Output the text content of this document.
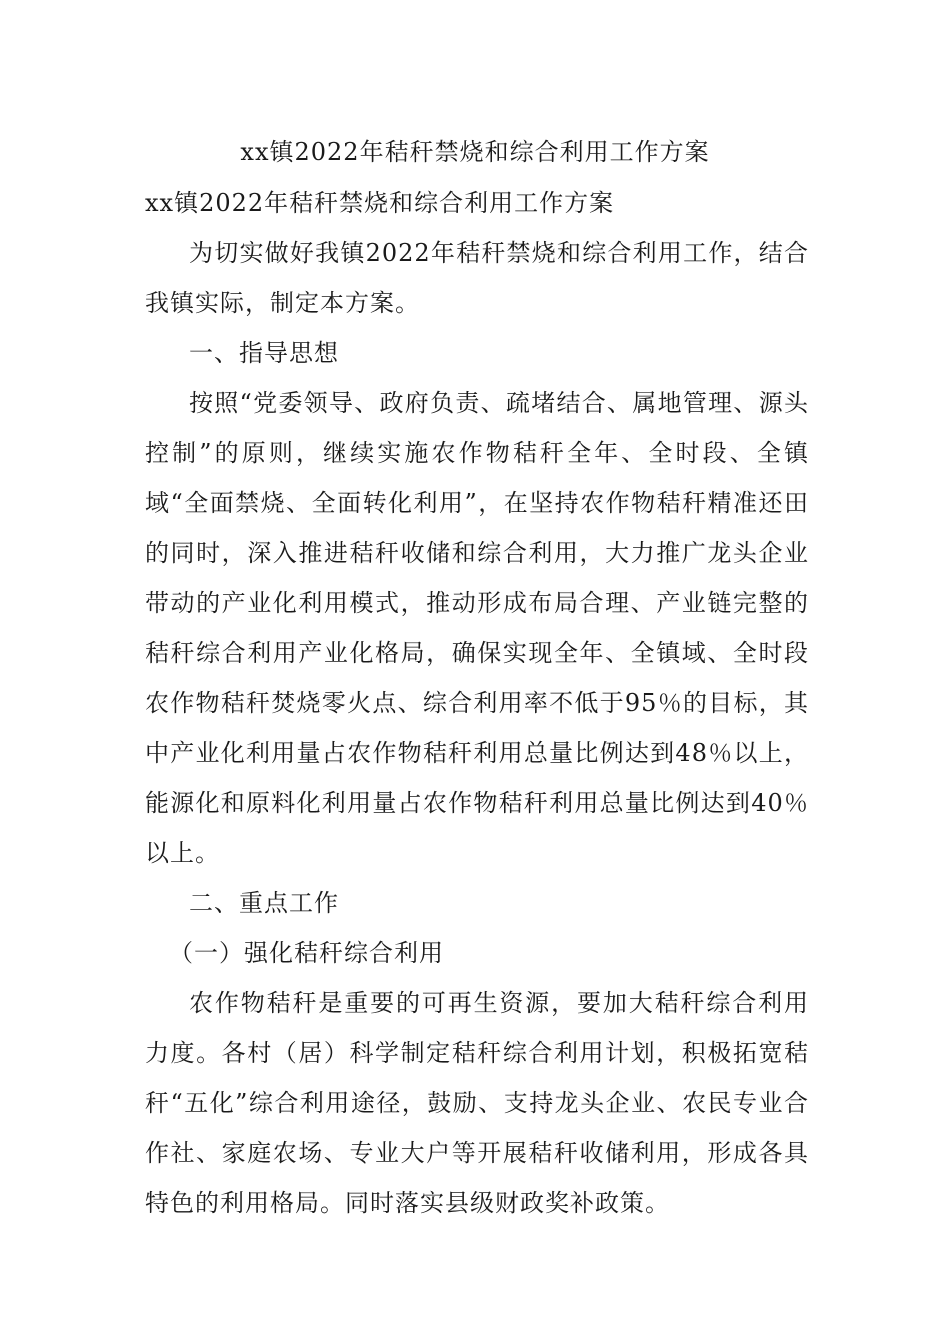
xx镇2022年秸秆禁烧和综合利用工作方案

xx镇2022年秸秆禁烧和综合利用工作方案

为切实做好我镇2022年秸秆禁烧和综合利用工作，结合我镇实际，制定本方案。

一、指导思想

按照“党委领导、政府负责、疏堵结合、属地管理、源头控制”的原则，继续实施农作物秸秆全年、全时段、全镇域“全面禁烧、全面转化利用”，在坚持农作物秸秆精准还田的同时，深入推进秸秆收储和综合利用，大力推广龙头企业带动的产业化利用模式，推动形成布局合理、产业链完整的秸秆综合利用产业化格局，确保实现全年、全镇域、全时段农作物秸秆焚烧零火点、综合利用率不低于95％的目标，其中产业化利用量占农作物秸秆利用总量比例达到48％以上，能源化和原料化利用量占农作物秸秆利用总量比例达到40％以上。

二、重点工作

（一）强化秸秆综合利用

农作物秸秆是重要的可再生资源，要加大秸秆综合利用力度。各村（居）科学制定秸秆综合利用计划，积极拓宽秸秆“五化”综合利用途径，鼓励、支持龙头企业、农民专业合作社、家庭农场、专业大户等开展秸秆收储利用，形成各具特色的利用格局。同时落实县级财政奖补政策。
